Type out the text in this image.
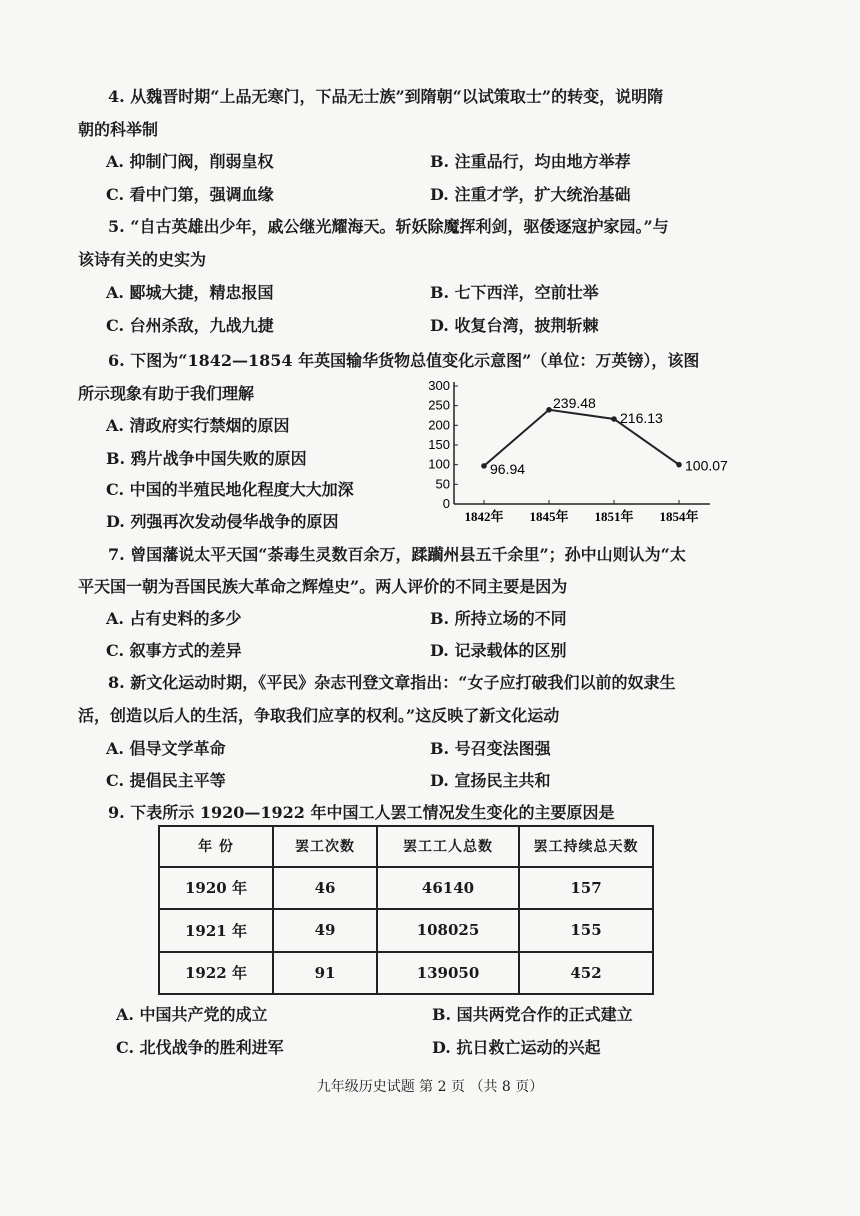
4. 从魏晋时期“上品无寒门，下品无士族”到隋朝“以试策取士”的转变，说明隋
朝的科举制
A. 抑制门阀，削弱皇权	B. 注重品行，均由地方举荐
C. 看中门第，强调血缘	D. 注重才学，扩大统治基础
5. “自古英雄出少年，戚公继光耀海天。斩妖除魔挥利剑，驱倭逐寇护家园。”与
该诗有关的史实为
A. 郾城大捷，精忠报国	B. 七下西洋，空前壮举
C. 台州杀敌，九战九捷	D. 收复台湾，披荆斩棘
6. 下图为“1842—1854 年英国输华货物总值变化示意图”（单位：万英镑），该图
所示现象有助于我们理解
A. 清政府实行禁烟的原因
B. 鸦片战争中国失败的原因
C. 中国的半殖民地化程度大大加深
D. 列强再次发动侵华战争的原因
0
50
100
150
200
250
300
1842年 1845年 1851年 1854年
96.94
239.48
216.13
100.07
7. 曾国藩说太平天国“荼毒生灵数百余万，蹂躏州县五千余里”；孙中山则认为“太
平天国一朝为吾国民族大革命之辉煌史”。两人评价的不同主要是因为
A. 占有史料的多少	B. 所持立场的不同
C. 叙事方式的差异	D. 记录载体的区别
8. 新文化运动时期，《平民》杂志刊登文章指出：“女子应打破我们以前的奴隶生
活，创造以后人的生活，争取我们应享的权利。”这反映了新文化运动
A. 倡导文学革命	B. 号召变法图强
C. 提倡民主平等	D. 宣扬民主共和
9. 下表所示 1920—1922 年中国工人罢工情况发生变化的主要原因是
年 份	罢工次数	罢工工人总数	罢工持续总天数
1920 年	46	46140	157
1921 年	49	108025	155
1922 年	91	139050	452
A. 中国共产党的成立	B. 国共两党合作的正式建立
C. 北伐战争的胜利进军	D. 抗日救亡运动的兴起
九年级历史试题 第 2 页 （共 8 页）
